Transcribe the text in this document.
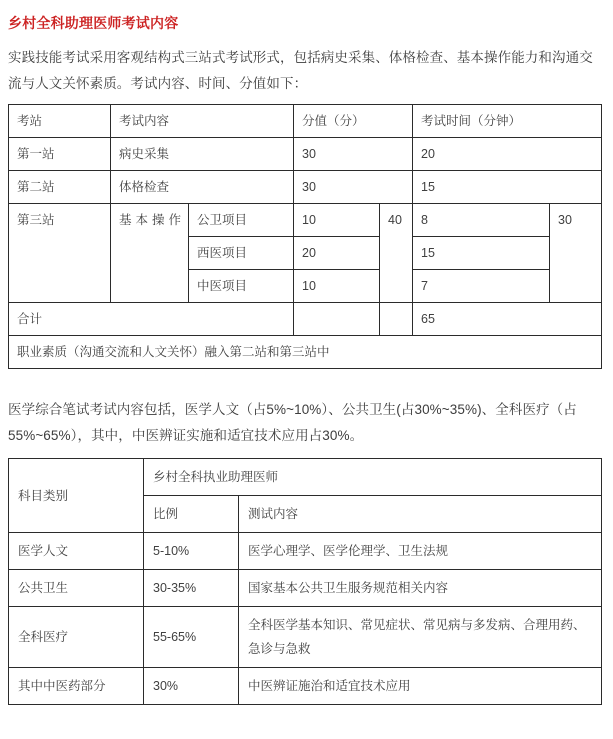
乡村全科助理医师考试内容

实践技能考试采用客观结构式三站式考试形式，包括病史采集、体格检查、基本操作能力和沟通交流与人文关怀素质。考试内容、时间、分值如下：

考站	考试内容		分值（分）		考试时间（分钟）	
第一站	病史采集		30		20	
第二站	体格检查		30		15	
第三站	基本操作	公卫项目	10	40	8	30
		西医项目	20		15	
		中医项目	10		7	
合计					65	
职业素质（沟通交流和人文关怀）融入第二站和第三站中						

医学综合笔试考试内容包括，医学人文（占5%~10%）、公共卫生(占30%~35%)、全科医疗（占55%~65%），其中，中医辨证实施和适宜技术应用占30%。

科目类别	乡村全科执业助理医师	
	比例	测试内容
医学人文	5-10%	医学心理学、医学伦理学、卫生法规
公共卫生	30-35%	国家基本公共卫生服务规范相关内容
全科医疗	55-65%	全科医学基本知识、常见症状、常见病与多发病、合理用药、急诊与急救
其中中医药部分	30%	中医辨证施治和适宜技术应用
